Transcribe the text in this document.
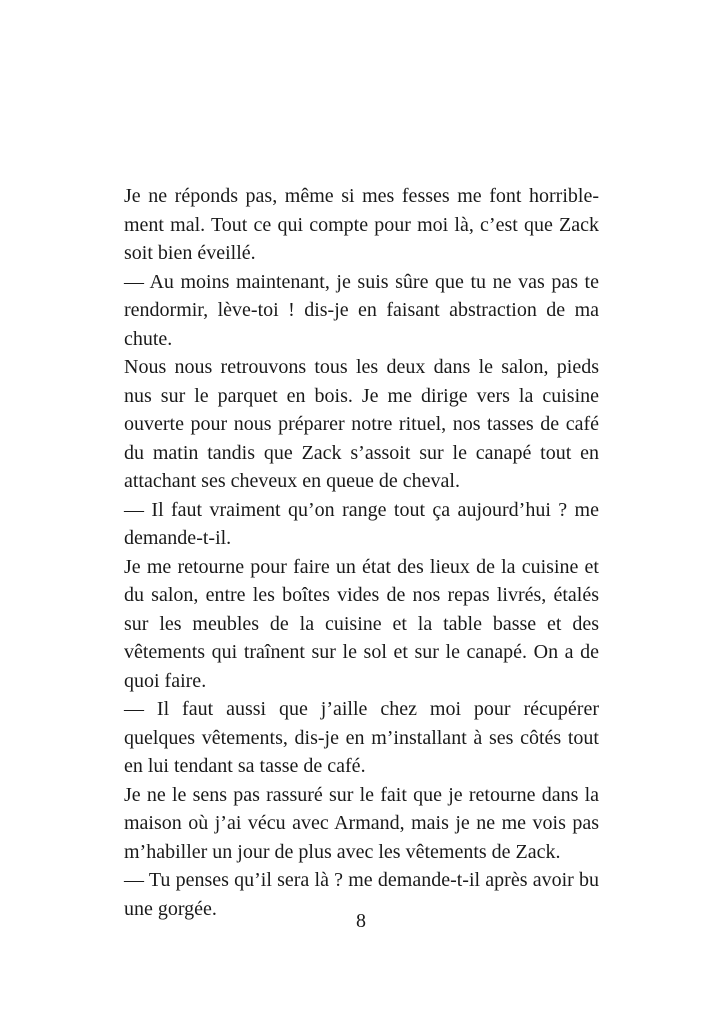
Je ne réponds pas, même si mes fesses me font horriblement mal. Tout ce qui compte pour moi là, c’est que Zack soit bien éveillé.

— Au moins maintenant, je suis sûre que tu ne vas pas te rendormir, lève-toi ! dis-je en faisant abstraction de ma chute.

Nous nous retrouvons tous les deux dans le salon, pieds nus sur le parquet en bois. Je me dirige vers la cuisine ouverte pour nous préparer notre rituel, nos tasses de café du matin tandis que Zack s’assoit sur le canapé tout en attachant ses cheveux en queue de cheval.

— Il faut vraiment qu’on range tout ça aujourd’hui ? me demande-t-il.

Je me retourne pour faire un état des lieux de la cuisine et du salon, entre les boîtes vides de nos repas livrés, étalés sur les meubles de la cuisine et la table basse et des vêtements qui traînent sur le sol et sur le canapé. On a de quoi faire.

— Il faut aussi que j’aille chez moi pour récupérer quelques vêtements, dis-je en m’installant à ses côtés tout en lui tendant sa tasse de café.

Je ne le sens pas rassuré sur le fait que je retourne dans la maison où j’ai vécu avec Armand, mais je ne me vois pas m’habiller un jour de plus avec les vêtements de Zack.

— Tu penses qu’il sera là ? me demande-t-il après avoir bu une gorgée.

8
